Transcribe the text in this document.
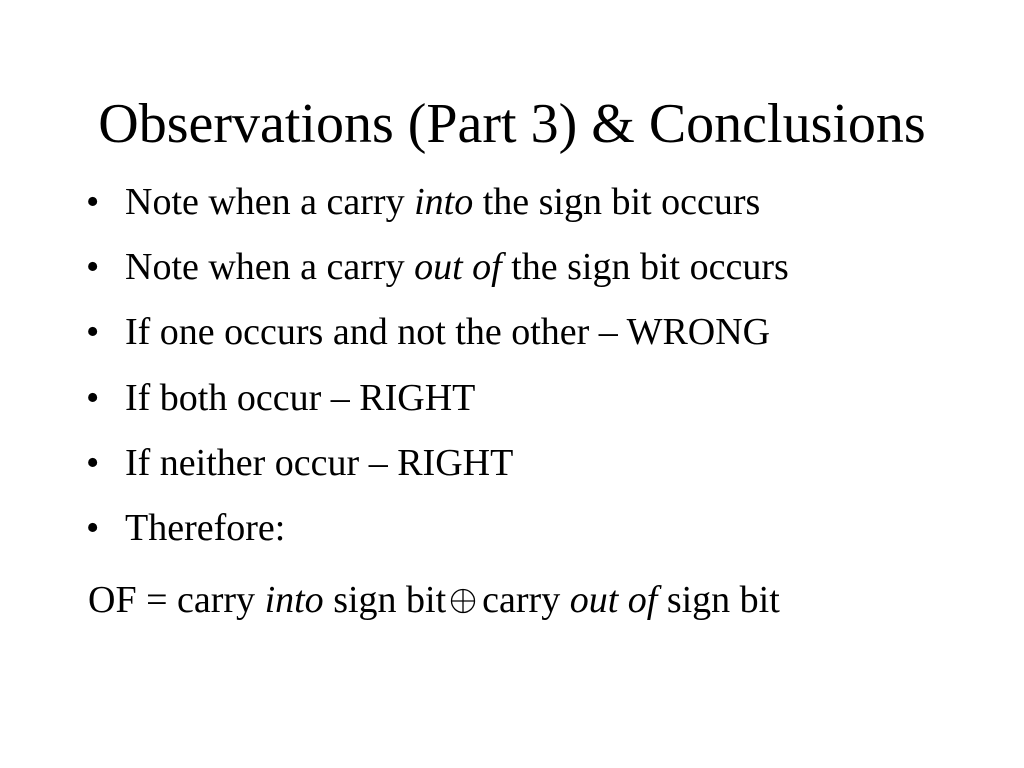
Observations (Part 3) & Conclusions
• Note when a carry into the sign bit occurs
• Note when a carry out of the sign bit occurs
• If one occurs and not the other – WRONG
• If both occur – RIGHT
• If neither occur – RIGHT
• Therefore:

OF = carry into sign bit carry out of sign bit
